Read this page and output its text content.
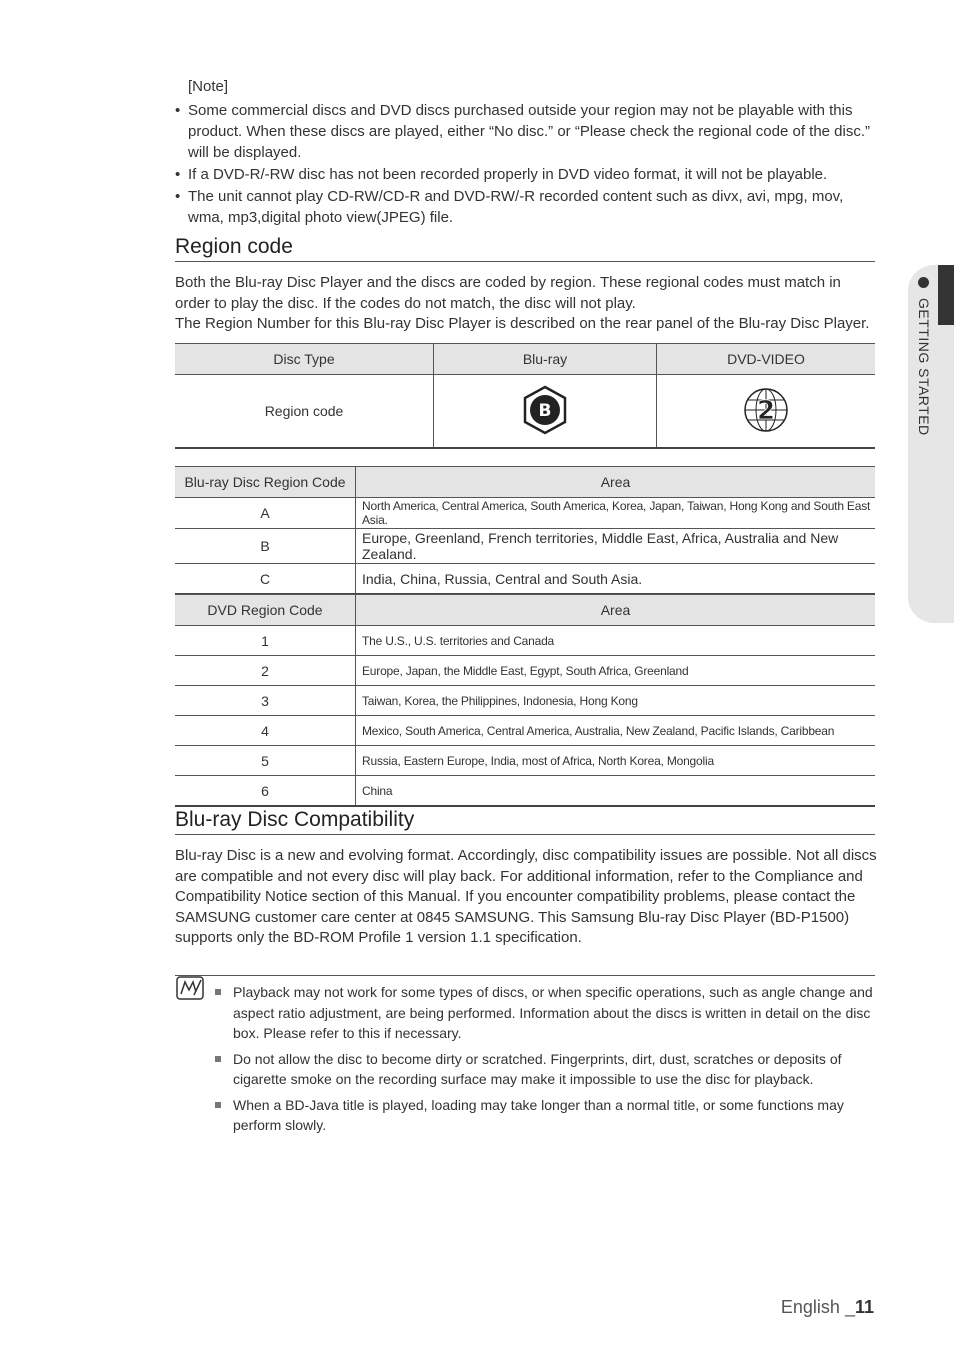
[Note]
• Some commercial discs and DVD discs purchased outside your region may not be playable with this product. When these discs are played, either “No disc.” or “Please check the regional code of the disc.” will be displayed.
• If a DVD-R/-RW disc has not been recorded properly in DVD video format, it will not be playable.
• The unit cannot play CD-RW/CD-R and DVD-RW/-R recorded content such as divx, avi, mpg, mov, wma, mp3,digital photo view(JPEG) file.
Region code
Both the Blu-ray Disc Player and the discs are coded by region. These regional codes must match in order to play the disc. If the codes do not match, the disc will not play.
The Region Number for this Blu-ray Disc Player is described on the rear panel of the Blu-ray Disc Player.
Disc Type	Blu-ray	DVD-VIDEO
Region code	B	2
Blu-ray Disc Region Code	Area
A	North America, Central America, South America, Korea, Japan, Taiwan, Hong Kong and South East Asia.
B	Europe, Greenland, French territories, Middle East, Africa, Australia and New Zealand.
C	India, China, Russia, Central and South Asia.
DVD Region Code	Area
1	The U.S., U.S. territories and Canada
2	Europe, Japan, the Middle East, Egypt, South Africa, Greenland
3	Taiwan, Korea, the Philippines, Indonesia, Hong Kong
4	Mexico, South America, Central America, Australia, New Zealand, Pacific Islands, Caribbean
5	Russia, Eastern Europe, India, most of Africa, North Korea, Mongolia
6	China
Blu-ray Disc Compatibility
Blu-ray Disc is a new and evolving format. Accordingly, disc compatibility issues are possible. Not all discs are compatible and not every disc will play back. For additional information, refer to the Compliance and Compatibility Notice section of this Manual. If you encounter compatibility problems, please contact the SAMSUNG customer care center at 0845 SAMSUNG. This Samsung Blu-ray Disc Player (BD-P1500) supports only the BD-ROM Profile 1 version 1.1 specification.
Playback may not work for some types of discs, or when specific operations, such as angle change and aspect ratio adjustment, are being performed. Information about the discs is written in detail on the disc box. Please refer to this if necessary.
Do not allow the disc to become dirty or scratched. Fingerprints, dirt, dust, scratches or deposits of cigarette smoke on the recording surface may make it impossible to use the disc for playback.
When a BD-Java title is played, loading may take longer than a normal title, or some functions may perform slowly.
GETTING STARTED
English _11
